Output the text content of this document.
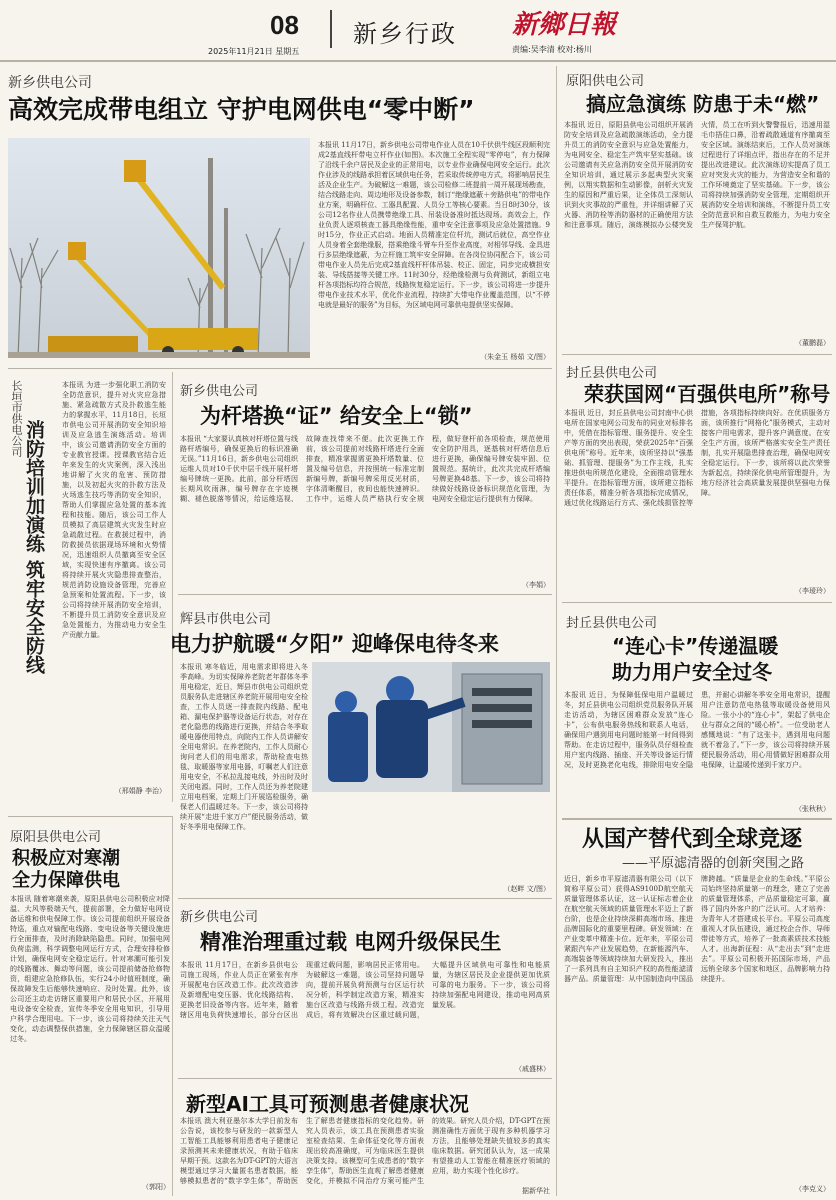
08 新乡行政
2025年11月21日 星期五
新鄉日報
责编:吴李清 校对:杨川
新乡供电公司
高效完成带电组立 守护电网供电“零中断”
本报讯 11月17日，新乡供电公司带电作业人员在10千伏供牛线区段顺利完成2基直线杆带电立杆作业(如图)。本次施工全程实现“零停电”，有力保障了沿线千余户居民及企业的正常用电，以专业作业确保电网安全运行。此次作业涉及的线路承担着区域供电任务，若采取传统停电方式，将影响居民生活及企业生产。为破解这一难题，该公司检修二班提前一周开展现场勘查，结合线路走向、周边地形及设备参数，制订“绝缘遮蔽＋旁路供电”的带电作业方案，明确杆位、工器具配置、人员分工等核心要素。当日8时30分，该公司12名作业人员携带绝缘工具、吊装设备准时抵达现场。高效会上，作业负责人逐项核查工器具绝缘性能，重申安全注意事项及应急处置措施。9时15分，作业正式启动。地面人员精准定位杆坑，测试后就位，高空作业人员身着全套绝缘服，搭乘绝缘斗臂车升至作业高度，对相邻导线、金具进行多层绝缘遮蔽，为立杆施工筑牢安全屏障。在各岗位协同配合下，该公司带电作业人员先后完成2基直线杆杆体吊装、校正、固定，同步完成横担安装、导线搭接等关键工序。11时30分，经绝缘检测与负荷测试，新组立电杆各项指标均符合规范，线路恢复稳定运行。下一步，该公司将进一步提升带电作业技术水平，优化作业流程，持续扩大带电作业覆盖范围，以“不停电就是最好的服务”为目标，为区域电网可靠供电提供坚实保障。
（朱金玉 杨茹 文/图）
长垣市供电公司
消防培训加演练 筑牢安全防线
本报讯 为进一步强化职工消防安全防范意识，提升对火灾应急措施、紧急疏散方式及扑救逃生能力的掌握水平，11月18日，长垣市供电公司开展消防安全知识培训及应急逃生演练活动。培训中，该公司邀请消防安全方面的专业教官授课。授课教官结合近年来发生的火灾案例，深入浅出地讲解了火灾的危害、预防措施，以及初起火灾的扑救方法及火场逃生技巧等消防安全知识，帮助人们掌握应急处置的基本流程和技能。随后，该公司工作人员模拟了高层建筑火灾发生时应急疏散过程。在救援过程中，消防救援员依据现场环境和火势情况，迅速组织人员撤离至安全区域，实现快速有序撤离。该公司将持续开展火灾隐患排查整治，规范消防设施设备管理，完善应急预案和处置流程。下一步，该公司将持续开展消防安全培训，不断提升员工消防安全意识及应急处置能力，为推动电力安全生产贡献力量。
（邢娟静 李治）
新乡供电公司
为杆塔换“证” 给安全上“锁”
本报讯 “大家要认真核对杆塔位置与线路杆塔编号，确保更换后的标识准确无误。”11月16日，新乡供电公司组织运维人员对10千伏中层千线开展杆塔编号牌统一更换。此前，部分杆塔因长期风吹雨淋，编号牌存在字迹模糊、褪色脱落等情况，给运维巡视、故障查找带来不便。此次更换工作前，该公司提前对线路杆塔进行全面排查，精准掌握需更换杆塔数量、位置及编号信息，并按照统一标准定制新编号牌，新编号牌采用反光材质，字体清晰醒目，夜间也能快速辨识。工作中，运维人员严格执行安全规程，做好登杆前各项检查，规范使用安全防护用具，逐基核对杆塔信息后进行更换，确保编号牌安装牢固、位置规范。据统计，此次共完成杆塔编号牌更换48基。下一步，该公司将持续做好线路设备标识规范化管理，为电网安全稳定运行提供有力保障。
（李娟）
辉县市供电公司
电力护航暖“夕阳” 迎峰保电待冬来
本报讯 寒冬临近，用电需求即将进入冬季高峰。为切实保障养老院老年群体冬季用电稳定，近日，辉县市供电公司组织党员服务队走进辖区养老院开展用电安全检查，工作人员逐一排查院内线路、配电箱、漏电保护器等设备运行状态，对存在老化隐患的线路进行更换，并结合冬季取暖电器使用特点，向院内工作人员讲解安全用电常识。在养老院内，工作人员耐心询问老人们的用电需求，帮助检查电热毯、取暖器等家用电器，叮嘱老人们注意用电安全，不私拉乱接电线，外出时及时关闭电源。同时，工作人员还为养老院建立用电档案，定期上门开展巡检服务，确保老人们温暖过冬。下一步，该公司将持续开展“走进千家万户”便民服务活动，做好冬季用电保障工作。
（赵畔 文/图）
原阳县供电公司
积极应对寒潮
全力保障供电
本报讯 随着寒潮来袭，原阳县供电公司积极应对降温、大风等极端天气，提前部署，全力做好电网设备运维和供电保障工作。该公司提前组织开展设备特巡，重点对输配电线路、变电设备等关键设施进行全面排查，及时消除缺陷隐患。同时，加强电网负荷监测，科学调整电网运行方式，合理安排检修计划，确保电网安全稳定运行。针对寒潮可能引发的线路覆冰、舞动等问题，该公司提前储备抢修物资，组建应急抢修队伍，实行24小时值班制度，确保故障发生后能够快速响应、及时处置。此外，该公司还主动走访辖区重要用户和居民小区，开展用电设备安全检查，宣传冬季安全用电知识，引导用户科学合理用电。下一步，该公司将持续关注天气变化，动态调整保供措施，全力保障辖区群众温暖过冬。
（郭阳）
新乡供电公司
精准治理重过载 电网升级保民生
本报讯 11月17日，在新乡县供电公司施工现场，作业人员正在紧张有序开展配电台区改造工作。此次改造涉及新增配电变压器、优化线路结构、更换老旧设备等内容。近年来，随着辖区用电负荷快速增长，部分台区出现重过载问题，影响居民正常用电。为破解这一难题，该公司坚持问题导向，提前开展负荷预测与台区运行状况分析，科学制定改造方案，精准实施台区改造与线路升级工程。改造完成后，将有效解决台区重过载问题，大幅提升区域供电可靠性和电能质量，为辖区居民及企业提供更加优质可靠的电力服务。下一步，该公司将持续加强配电网建设，推动电网高质量发展。
（戚盛林）
新型AI工具可预测患者健康状况
本报讯 澳大利亚墨尔本大学日前发布公告说，该校参与研发的一款新型人工智能工具能够利用患者电子健康记录预测其未来健康状况，有助于临床早期干预。这款名为DT-GPT的大语言模型通过学习大量匿名患者数据，能够模拟患者的“数字孪生体”，帮助医生了解患者健康指标的变化趋势。研究人员表示，该工具在预测患者实验室检查结果、生命体征变化等方面表现出较高准确度，可为临床医生提供决策支持。该模型可生成患者的“数字孪生体”，帮助医生直观了解患者健康变化，并模拟不同治疗方案可能产生的效果。研究人员介绍，DT-GPT在预测准确性方面优于现有多种机器学习方法，且能够处理缺失值较多的真实临床数据。研究团队认为，这一成果有望推动人工智能在精准医疗领域的应用，助力实现个性化诊疗。
据新华社
原阳供电公司
搞应急演练 防患于未“燃”
本报讯 近日，原阳县供电公司组织开展消防安全培训及应急疏散演练活动，全力提升员工的消防安全意识与应急处置能力，为电网安全、稳定生产筑牢坚实基础。该公司邀请有关应急消防安全员开展消防安全知识培训，通过展示多起典型火灾案例，以翔实数据和生动影像，剖析火灾发生的原因和严重后果，让全体员工深刻认识到火灾事故的严重性，并详细讲解了灭火器、消防栓等消防器材的正确使用方法和注意事项。随后，演练模拟办公楼突发火情，员工在听到火警警报后，迅速用湿毛巾捂住口鼻，沿着疏散通道有序撤离至安全区域。演练结束后，工作人员对演练过程进行了详细点评，指出存在的不足并提出改进建议。此次演练切实提高了员工应对突发火灾的能力，为营造安全和谐的工作环境奠定了坚实基础。下一步，该公司将持续加强消防安全管理，定期组织开展消防安全培训和演练，不断提升员工安全防范意识和自救互救能力，为电力安全生产保驾护航。
（董鹏磊）
封丘县供电公司
荣获国网“百强供电所”称号
本报讯 近日，封丘县供电公司封南中心供电所在国家电网公司发布的同业对标排名中，凭借在指标管理、服务提升、安全生产等方面的突出表现，荣获2025年“百强供电所”称号。近年来，该所坚持以“强基础、抓管理、提服务”为工作主线，扎实推进供电所规范化建设，全面推动管理水平提升。在指标管理方面，该所建立指标责任体系，精准分析各项指标完成情况，通过优化线路运行方式、强化线损管控等措施，各项指标持续向好。在优质服务方面，该所推行“网格化”服务模式，主动对接客户用电需求，提升客户满意度。在安全生产方面，该所严格落实安全生产责任制，扎实开展隐患排查治理，确保电网安全稳定运行。下一步，该所将以此次荣誉为新起点，持续深化供电所管理提升，为地方经济社会高质量发展提供坚强电力保障。
（李瑷玲）
封丘县供电公司
“连心卡”传递温暖
助力用户安全过冬
本报讯 近日，为保障低保电用户温暖过冬，封丘县供电公司组织党员服务队开展走访活动，为辖区困难群众发放“连心卡”，公布供电服务热线和联系人电话，确保用户遇到用电问题时能第一时间得到帮助。在走访过程中，服务队员仔细检查用户室内线路、插座、开关等设备运行情况，及时更换老化电线，排除用电安全隐患，并耐心讲解冬季安全用电常识，提醒用户注意防范电热毯等取暖设备使用风险。一张小小的“连心卡”，架起了供电企业与群众之间的“暖心桥”。一位受助老人感慨地说：“有了这张卡，遇到用电问题就不着急了。”下一步，该公司将持续开展便民服务活动，用心用情做好困难群众用电保障，让温暖传递到千家万户。
（张秋秋）
从国产替代到全球竞逐
——平原滤清器的创新突围之路
近日，新乡市平原滤清器有限公司（以下简称平原公司）获得AS9100D航空航天质量管理体系认证，这一认证标志着企业在航空航天领域的质量管理水平迈上了新台阶，也是企业持续深耕高端市场、推进品牌国际化的重要里程碑。研发领域：在产业变革中精准卡位。近年来，平原公司紧跟汽车产业发展趋势，在新能源汽车、高端装备等领域持续加大研发投入，推出了一系列具有自主知识产权的高性能滤清器产品。质量管理：从中国制造向中国品牌跨越。“质量是企业的生命线。”平原公司始终坚持质量第一的理念，建立了完善的质量管理体系，产品质量稳定可靠，赢得了国内外客户的广泛认可。人才培养：为青年人才搭建成长平台。平原公司高度重视人才队伍建设，通过校企合作、导师带徒等方式，培养了一批高素质技术技能人才。出海新征程：从“走出去”到“走进去”。平原公司积极开拓国际市场，产品远销全球多个国家和地区，品牌影响力持续提升。
（李克义）
